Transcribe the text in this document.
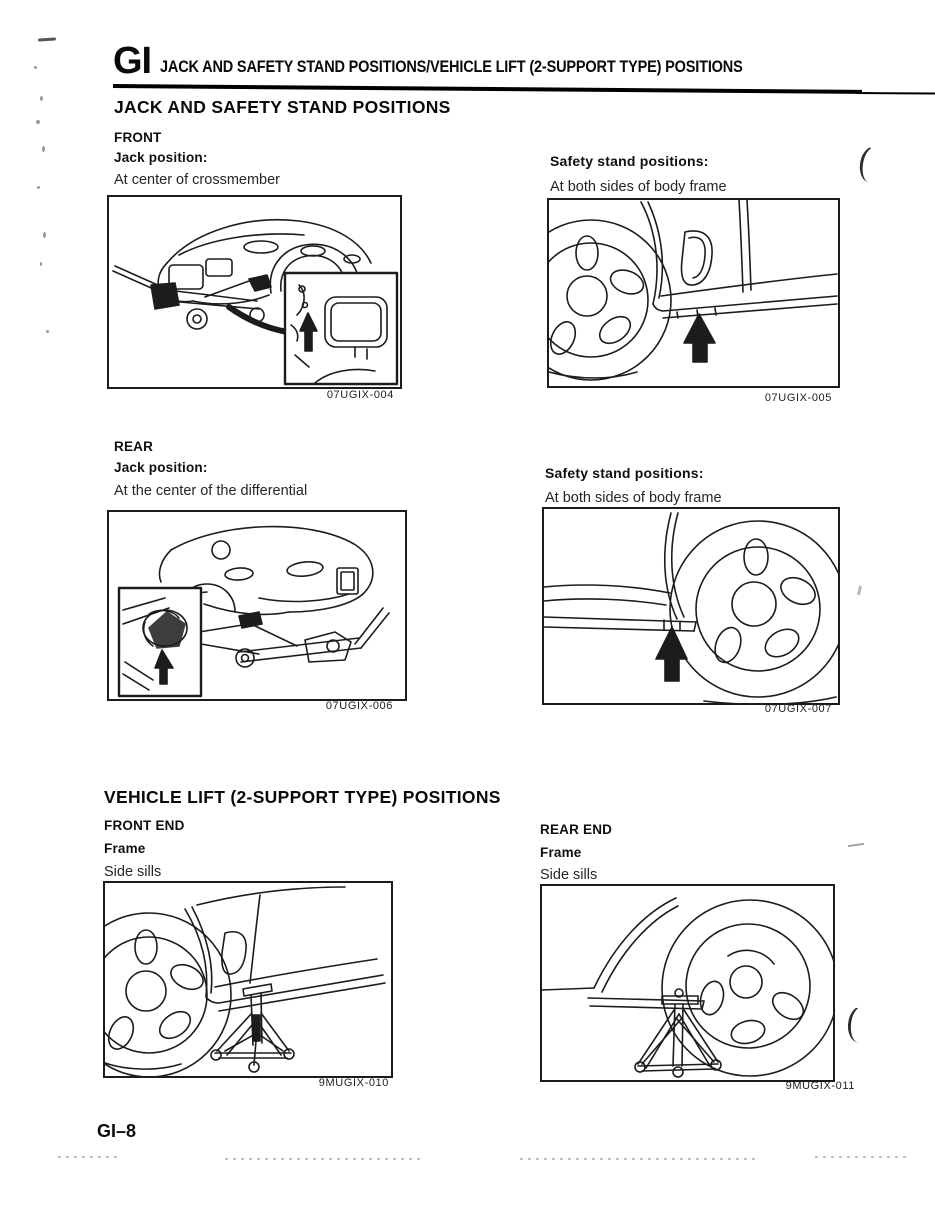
GI JACK AND SAFETY STAND POSITIONS/VEHICLE LIFT (2-SUPPORT TYPE) POSITIONS
JACK AND SAFETY STAND POSITIONS
FRONT
Jack position:
At center of crossmember
Safety stand positions:
At both sides of body frame
07UGIX-004	07UGIX-005
REAR
Jack position:
At the center of the differential
Safety stand positions:
At both sides of body frame
07UGIX-006	07UGIX-007
VEHICLE LIFT (2-SUPPORT TYPE) POSITIONS
FRONT END
Frame
Side sills
REAR END
Frame
Side sills
9MUGIX-010	9MUGIX-011
GI–8
